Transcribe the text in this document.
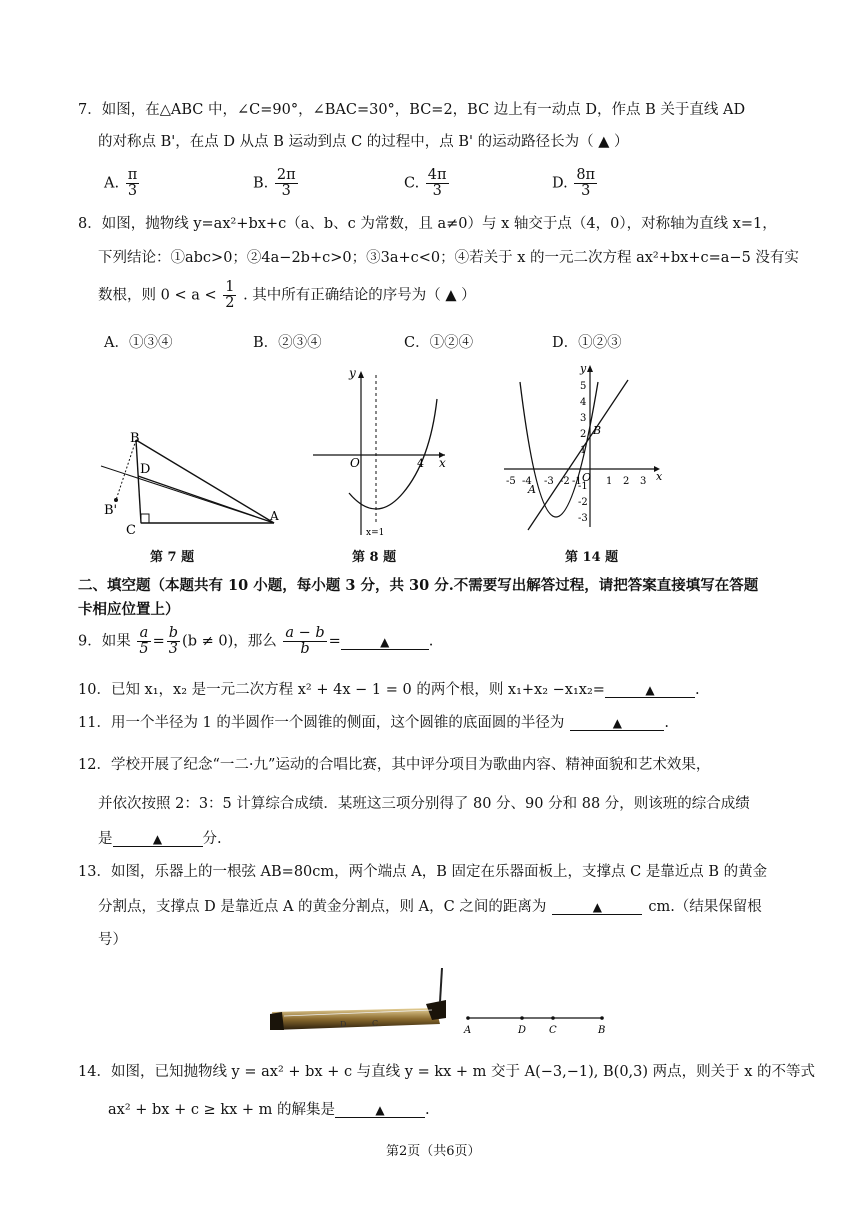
7．如图，在△ABC 中，∠C=90°，∠BAC=30°，BC=2，BC 边上有一动点 D，作点 B 关于直线 AD
的对称点 B'，在点 D 从点 B 运动到点 C 的过程中，点 B' 的运动路径长为（ ▲ ）
A. $\frac{\pi}{3}$	B. $\frac{2\pi}{3}$	C. $\frac{4\pi}{3}$	D. $\frac{8\pi}{3}$
8．如图，抛物线 y=ax²+bx+c（a、b、c 为常数，且 a≠0）与 x 轴交于点（4，0），对称轴为直线 x=1，
下列结论：①abc>0；②4a−2b+c>0；③3a+c<0；④若关于 x 的一元二次方程 ax²+bx+c=a−5 没有实
数根，则 $0 < a < \frac{1}{2}$ . 其中所有正确结论的序号为（ ▲ ）
A．①③④	B．②③④	C．①②④	D．①②③
B
D
B'
C
A
第 7 题
y
O	4 x
x=1
第 8 题
y
x
O
A
B
5
4
3
2
1
-1
-2
-3
-5 -4 -3 -2 -1 1 2 3
第 14 题
二、填空题（本题共有 10 小题，每小题 3 分，共 30 分.不需要写出解答过程，请把答案直接填写在答题
卡相应位置上）
9．如果 $\frac{a}{5} = \frac{b}{3} (b \ne 0)$，那么 $\frac{a - b}{b}$ =	▲	.
10．已知 x₁，x₂ 是一元二次方程 x² + 4x − 1 = 0 的两个根，则 x₁+x₂ −x₁x₂=	▲	.
11．用一个半径为 1 的半圆作一个圆锥的侧面，这个圆锥的底面圆的半径为	▲	.
12．学校开展了纪念“一二·九”运动的合唱比赛，其中评分项目为歌曲内容、精神面貌和艺术效果，
并依次按照 2：3：5 计算综合成绩．某班这三项分别得了 80 分、90 分和 88 分，则该班的综合成绩
是	▲	分.
13．如图，乐器上的一根弦 AB=80cm，两个端点 A，B 固定在乐器面板上，支撑点 C 是靠近点 B 的黄金
分割点，支撑点 D 是靠近点 A 的黄金分割点，则 A，C 之间的距离为	▲	cm.（结果保留根
号）
D	C
A	D C	B
14．如图，已知抛物线 y = ax² + bx + c 与直线 y = kx + m 交于 A(−3,−1), B(0,3) 两点，则关于 x 的不等式
ax² + bx + c ≥ kx + m 的解集是	▲	.
第2页（共6页）
